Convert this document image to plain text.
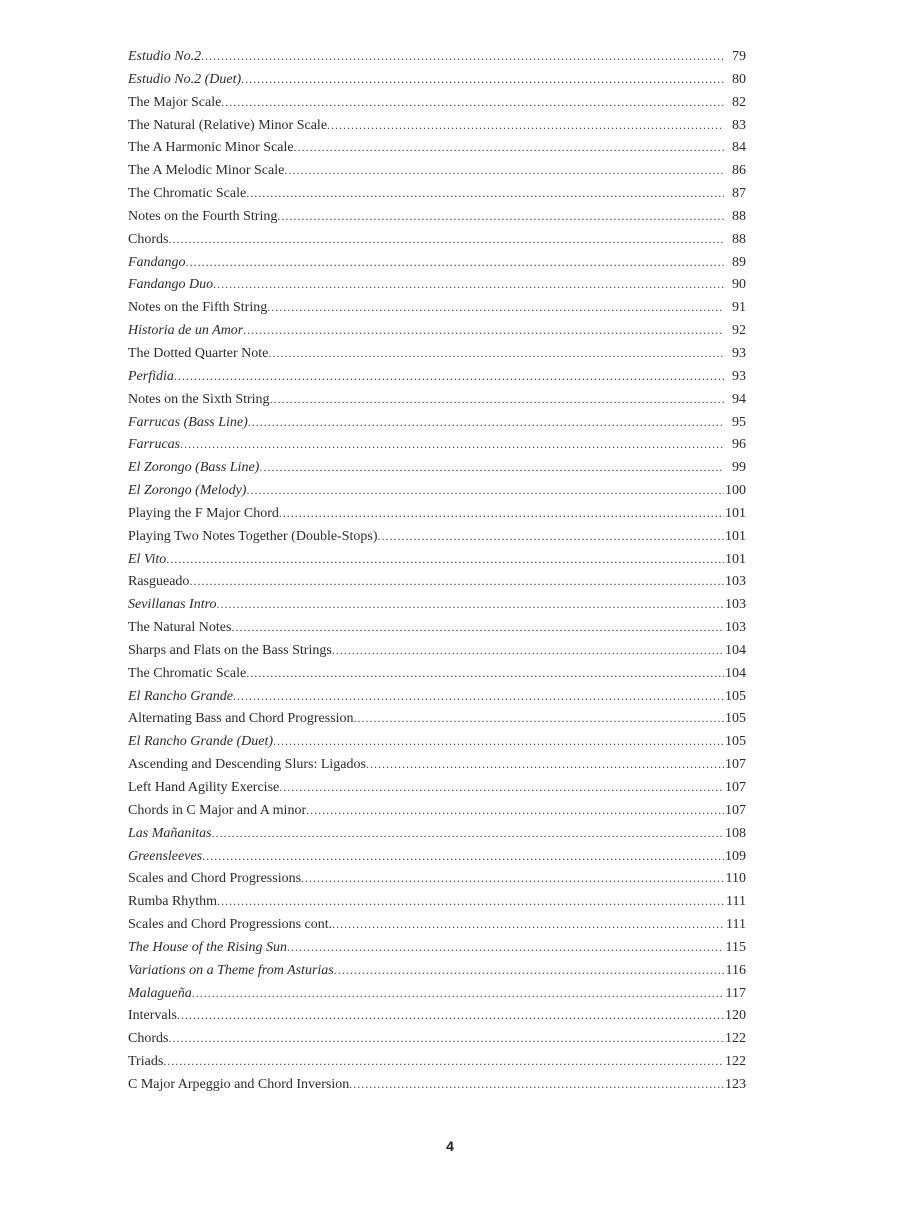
Estudio No.2 .....	79
Estudio No.2 (Duet) .....	80
The Major Scale .....	82
The Natural (Relative) Minor Scale .....	83
The A Harmonic Minor Scale .....	84
The A Melodic Minor Scale .....	86
The Chromatic Scale .....	87
Notes on the Fourth String .....	88
Chords .....	88
Fandango .....	89
Fandango Duo .....	90
Notes on the Fifth String .....	91
Historia de un Amor .....	92
The Dotted Quarter Note .....	93
Perfidia .....	93
Notes on the Sixth String .....	94
Farrucas (Bass Line) .....	95
Farrucas .....	96
El Zorongo (Bass Line) .....	99
El Zorongo (Melody) .....	100
Playing the F Major Chord .....	101
Playing Two Notes Together (Double-Stops) .....	101
El Vito .....	101
Rasgueado .....	103
Sevillanas Intro .....	103
The Natural Notes .....	103
Sharps and Flats on the Bass Strings .....	104
The Chromatic Scale .....	104
El Rancho Grande .....	105
Alternating Bass and Chord Progression .....	105
El Rancho Grande (Duet) .....	105
Ascending and Descending Slurs: Ligados .....	107
Left Hand Agility Exercise .....	107
Chords in C Major and A minor .....	107
Las Mañanitas .....	108
Greensleeves .....	109
Scales and Chord Progressions .....	110
Rumba Rhythm .....	111
Scales and Chord Progressions cont. .....	111
The House of the Rising Sun .....	115
Variations on a Theme from Asturias .....	116
Malagueña .....	117
Intervals .....	120
Chords .....	122
Triads .....	122
C Major Arpeggio and Chord Inversion .....	123
4
